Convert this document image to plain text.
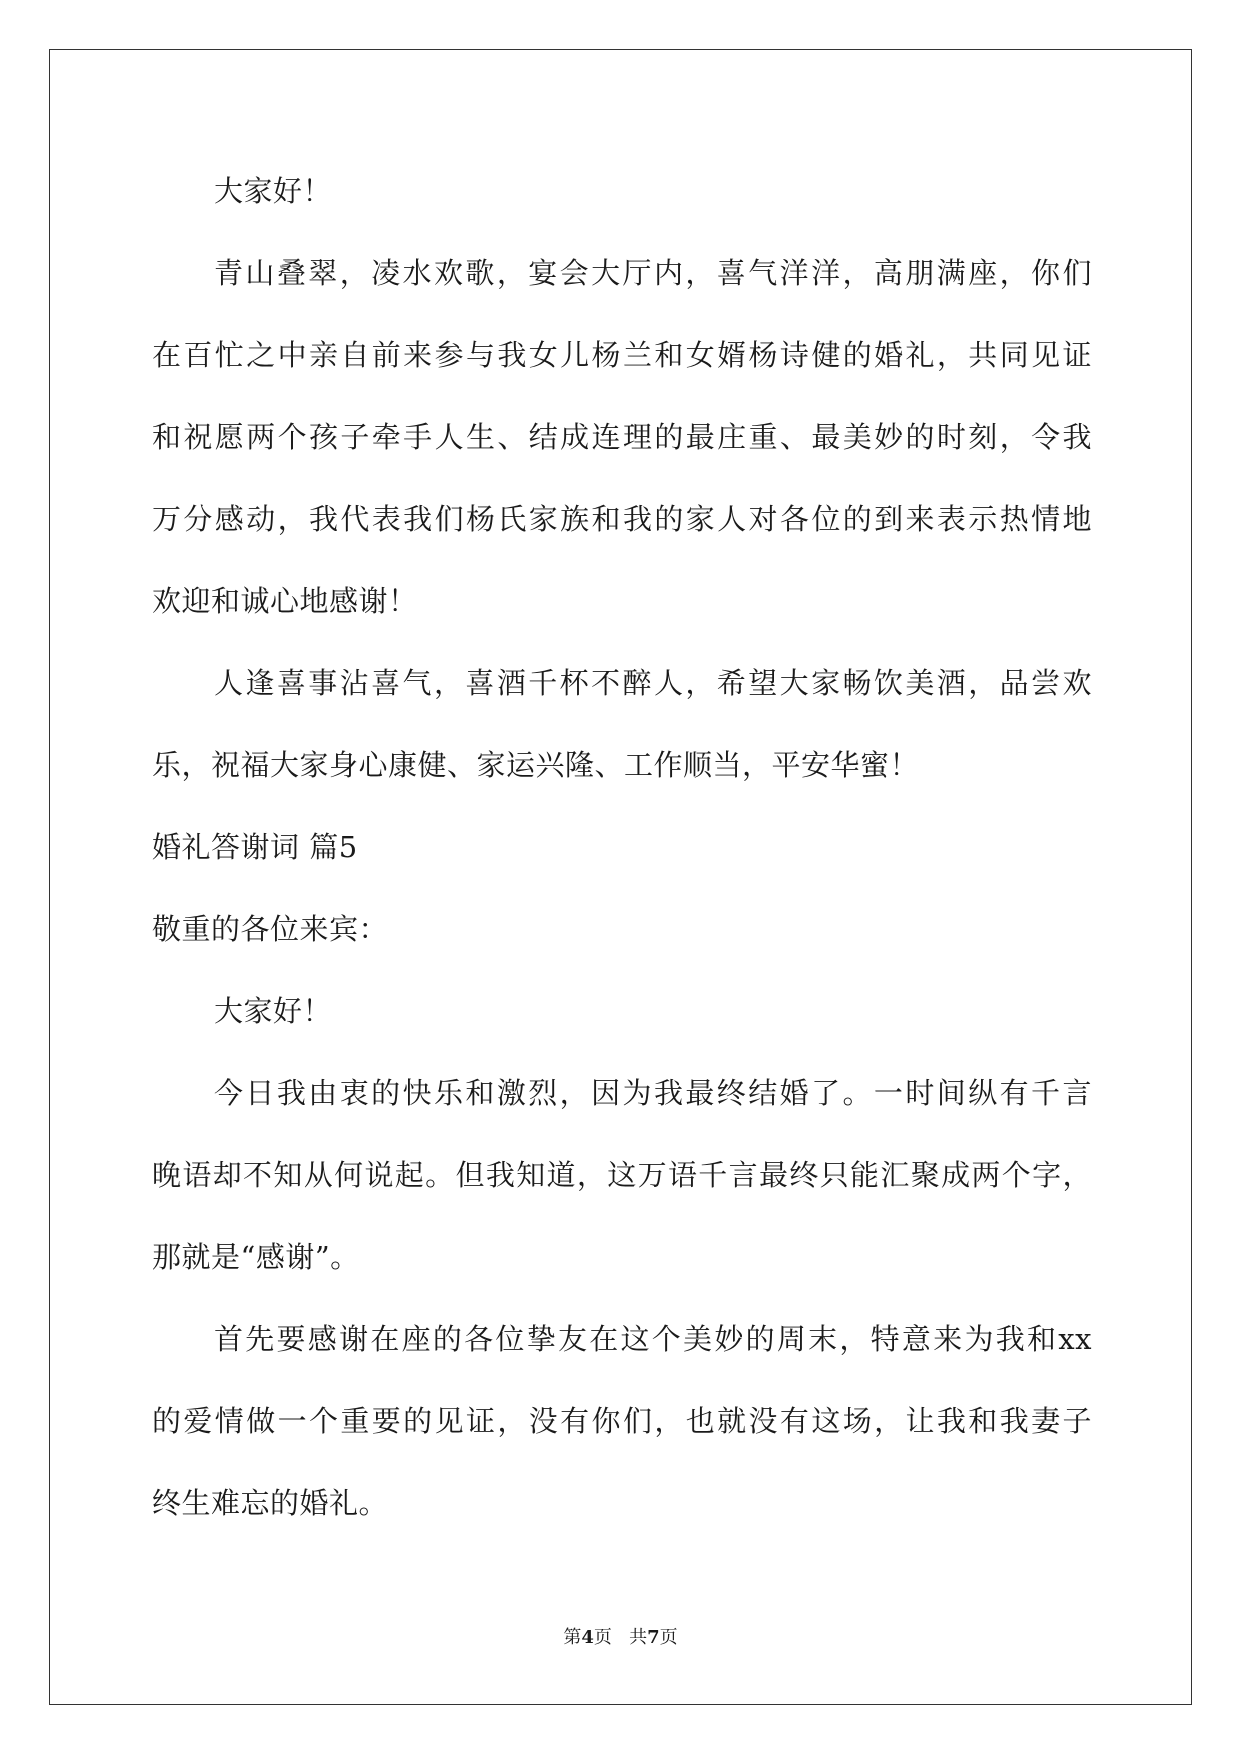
大家好！
青山叠翠，凌水欢歌，宴会大厅内，喜气洋洋，高朋满座，你们
在百忙之中亲自前来参与我女儿杨兰和女婿杨诗健的婚礼，共同见证
和祝愿两个孩子牵手人生、结成连理的最庄重、最美妙的时刻，令我
万分感动，我代表我们杨氏家族和我的家人对各位的到来表示热情地
欢迎和诚心地感谢！
人逢喜事沾喜气，喜酒千杯不醉人，希望大家畅饮美酒，品尝欢
乐，祝福大家身心康健、家运兴隆、工作顺当，平安华蜜！
婚礼答谢词 篇5
敬重的各位来宾：
大家好！
今日我由衷的快乐和激烈，因为我最终结婚了。一时间纵有千言
晚语却不知从何说起。但我知道，这万语千言最终只能汇聚成两个字，
那就是“感谢”。
首先要感谢在座的各位挚友在这个美妙的周末，特意来为我和xx
的爱情做一个重要的见证，没有你们，也就没有这场，让我和我妻子
终生难忘的婚礼。
第4页 共7页
